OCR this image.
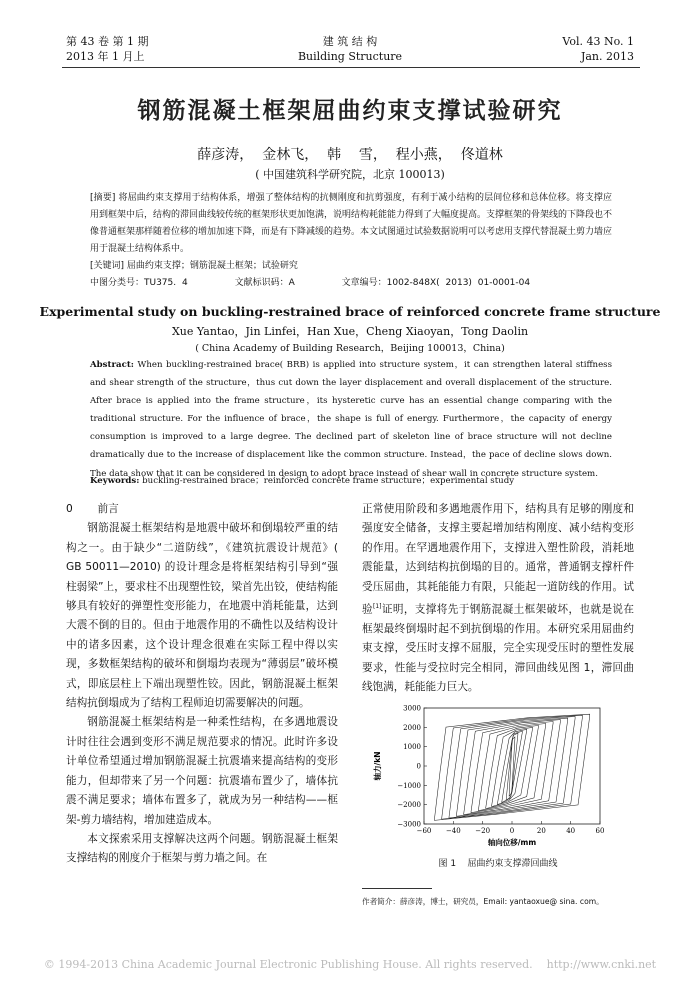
第 43 卷 第 1 期
2013 年 1 月上
建 筑 结 构
Building Structure
Vol. 43 No. 1
Jan. 2013
钢筋混凝土框架屈曲约束支撑试验研究
薛彦涛，  金林飞，  韩    雪，  程小燕，  佟道林
( 中国建筑科学研究院，北京 100013)
[摘要] 将屈曲约束支撑用于结构体系，增强了整体结构的抗侧刚度和抗剪强度，有利于减小结构的层间位移和总体位移。将支撑应用到框架中后，结构的滞回曲线较传统的框架形状更加饱满，说明结构耗能能力得到了大幅度提高。支撑框架的骨架线的下降段也不像普通框架那样随着位移的增加加速下降，而是有下降减缓的趋势。本文试图通过试验数据说明可以考虑用支撑代替混凝土剪力墙应用于混凝土结构体系中。
[关键词] 屈曲约束支撑；钢筋混凝土框架；试验研究
中图分类号：TU375. 4        文献标识码：A        文章编号：1002-848X( 2013) 01-0001-04
Experimental study on buckling-restrained brace of reinforced concrete frame structure
Xue Yantao，Jin Linfei，Han Xue，Cheng Xiaoyan，Tong Daolin
( China Academy of Building Research，Beijing 100013，China)
Abstract: When buckling-restrained brace( BRB) is applied into structure system，it can strengthen lateral stiffness and shear strength of the structure，thus cut down the layer displacement and overall displacement of the structure. After brace is applied into the frame structure，its hysteretic curve has an essential change comparing with the traditional structure. For the influence of brace，the shape is full of energy. Furthermore，the capacity of energy consumption is improved to a large degree. The declined part of skeleton line of brace structure will not decline dramatically due to the increase of displacement like the common structure. Instead，the pace of decline slows down. The data show that it can be considered in design to adopt brace instead of shear wall in concrete structure system.
Keywords: buckling-restrained brace；reinforced concrete frame structure；experimental study

0 前言

钢筋混凝土框架结构是地震中破坏和倒塌较严重的结构之一。由于缺少“二道防线”，《建筑抗震设计规范》( GB 50011—2010) 的设计理念是将框架结构引导到“强柱弱梁”上，要求柱不出现塑性铰，梁首先出铰，使结构能够具有较好的弹塑性变形能力，在地震中消耗能量，达到大震不倒的目的。但由于地震作用的不确性以及结构设计中的诸多因素，这个设计理念很难在实际工程中得以实现，多数框架结构的破坏和倒塌均表现为“薄弱层”破坏模式，即底层柱上下端出现塑性铰。因此，钢筋混凝土框架结构抗倒塌成为了结构工程师迫切需要解决的问题。

钢筋混凝土框架结构是一种柔性结构，在多遇地震设计时往往会遇到变形不满足规范要求的情况。此时许多设计单位希望通过增加钢筋混凝土抗震墙来提高结构的变形能力，但却带来了另一个问题：抗震墙布置少了，墙体抗震不满足要求；墙体布置多了，就成为另一种结构——框架-剪力墙结构，增加建造成本。

本文探索采用支撑解决这两个问题。钢筋混凝土框架支撑结构的刚度介于框架与剪力墙之间。在

正常使用阶段和多遇地震作用下，结构具有足够的刚度和强度安全储备，支撑主要起增加结构刚度、减小结构变形的作用。在罕遇地震作用下，支撑进入塑性阶段，消耗地震能量，达到结构抗倒塌的目的。通常，普通钢支撑杆件受压屈曲，其耗能能力有限，只能起一道防线的作用。试验[1]证明，支撑将先于钢筋混凝土框架破坏，也就是说在框架最终倒塌时起不到抗倒塌的作用。本研究采用屈曲约束支撑，受压时支撑不屈服，完全实现受压时的塑性发展要求，性能与受拉时完全相同，滞回曲线见图 1，滞回曲线饱满，耗能能力巨大。

−60 −40 −20	0	20	40	60
3000
2000
1000
0
−1000
−2000
−3000
轴向位移/mm
轴力/kN
图 1    屈曲约束支撑滞回曲线
作者简介：薛彦涛，博士，研究员，Email: yantaoxue@ sina. com。
© 1994-2013 China Academic Journal Electronic Publishing House. All rights reserved.    http://www.cnki.net
